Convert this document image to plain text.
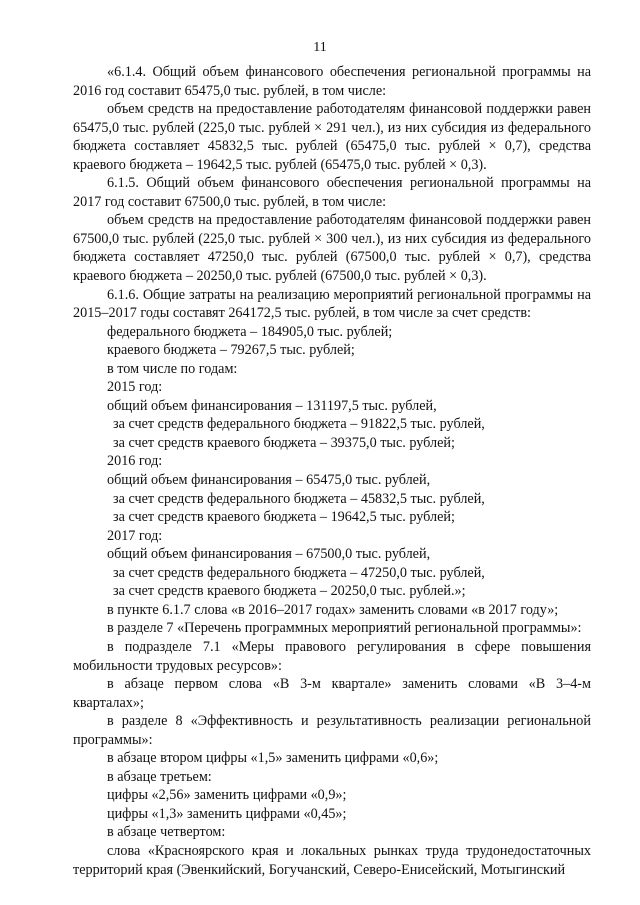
11

«6.1.4. Общий объем финансового обеспечения региональной программы на 2016 год составит 65475,0 тыс. рублей, в том числе:

объем средств на предоставление работодателям финансовой поддержки равен 65475,0 тыс. рублей (225,0 тыс. рублей × 291 чел.), из них субсидия из федерального бюджета составляет 45832,5 тыс. рублей (65475,0 тыс. рублей × 0,7), средства краевого бюджета – 19642,5 тыс. рублей (65475,0 тыс. рублей × 0,3).

6.1.5. Общий объем финансового обеспечения региональной программы на 2017 год составит 67500,0 тыс. рублей, в том числе:

объем средств на предоставление работодателям финансовой поддержки равен 67500,0 тыс. рублей (225,0 тыс. рублей × 300 чел.), из них субсидия из федерального бюджета составляет 47250,0 тыс. рублей (67500,0 тыс. рублей × 0,7), средства краевого бюджета – 20250,0 тыс. рублей (67500,0 тыс. рублей × 0,3).

6.1.6. Общие затраты на реализацию мероприятий региональной программы на 2015–2017 годы составят 264172,5 тыс. рублей, в том числе за счет средств:

федерального бюджета – 184905,0 тыс. рублей;

краевого бюджета – 79267,5 тыс. рублей;

в том числе по годам:

2015 год:

общий объем финансирования – 131197,5 тыс. рублей,

за счет средств федерального бюджета – 91822,5 тыс. рублей,

за счет средств краевого бюджета – 39375,0 тыс. рублей;

2016 год:

общий объем финансирования – 65475,0 тыс. рублей,

за счет средств федерального бюджета – 45832,5 тыс. рублей,

за счет средств краевого бюджета – 19642,5 тыс. рублей;

2017 год:

общий объем финансирования – 67500,0 тыс. рублей,

за счет средств федерального бюджета – 47250,0 тыс. рублей,

за счет средств краевого бюджета – 20250,0 тыс. рублей.»;

в пункте 6.1.7 слова «в 2016–2017 годах» заменить словами «в 2017 году»;

в разделе 7 «Перечень программных мероприятий региональной программы»:

в подразделе 7.1 «Меры правового регулирования в сфере повышения мобильности трудовых ресурсов»:

в абзаце первом слова «В 3-м квартале» заменить словами «В 3–4-м кварталах»;

в разделе 8 «Эффективность и результативность реализации региональной программы»:

в абзаце втором цифры «1,5» заменить цифрами «0,6»;

в абзаце третьем:

цифры «2,56» заменить цифрами «0,9»;

цифры «1,3» заменить цифрами «0,45»;

в абзаце четвертом:

слова «Красноярского края и локальных рынках труда трудонедостаточных территорий края (Эвенкийский, Богучанский, Северо-Енисейский, Мотыгинский
